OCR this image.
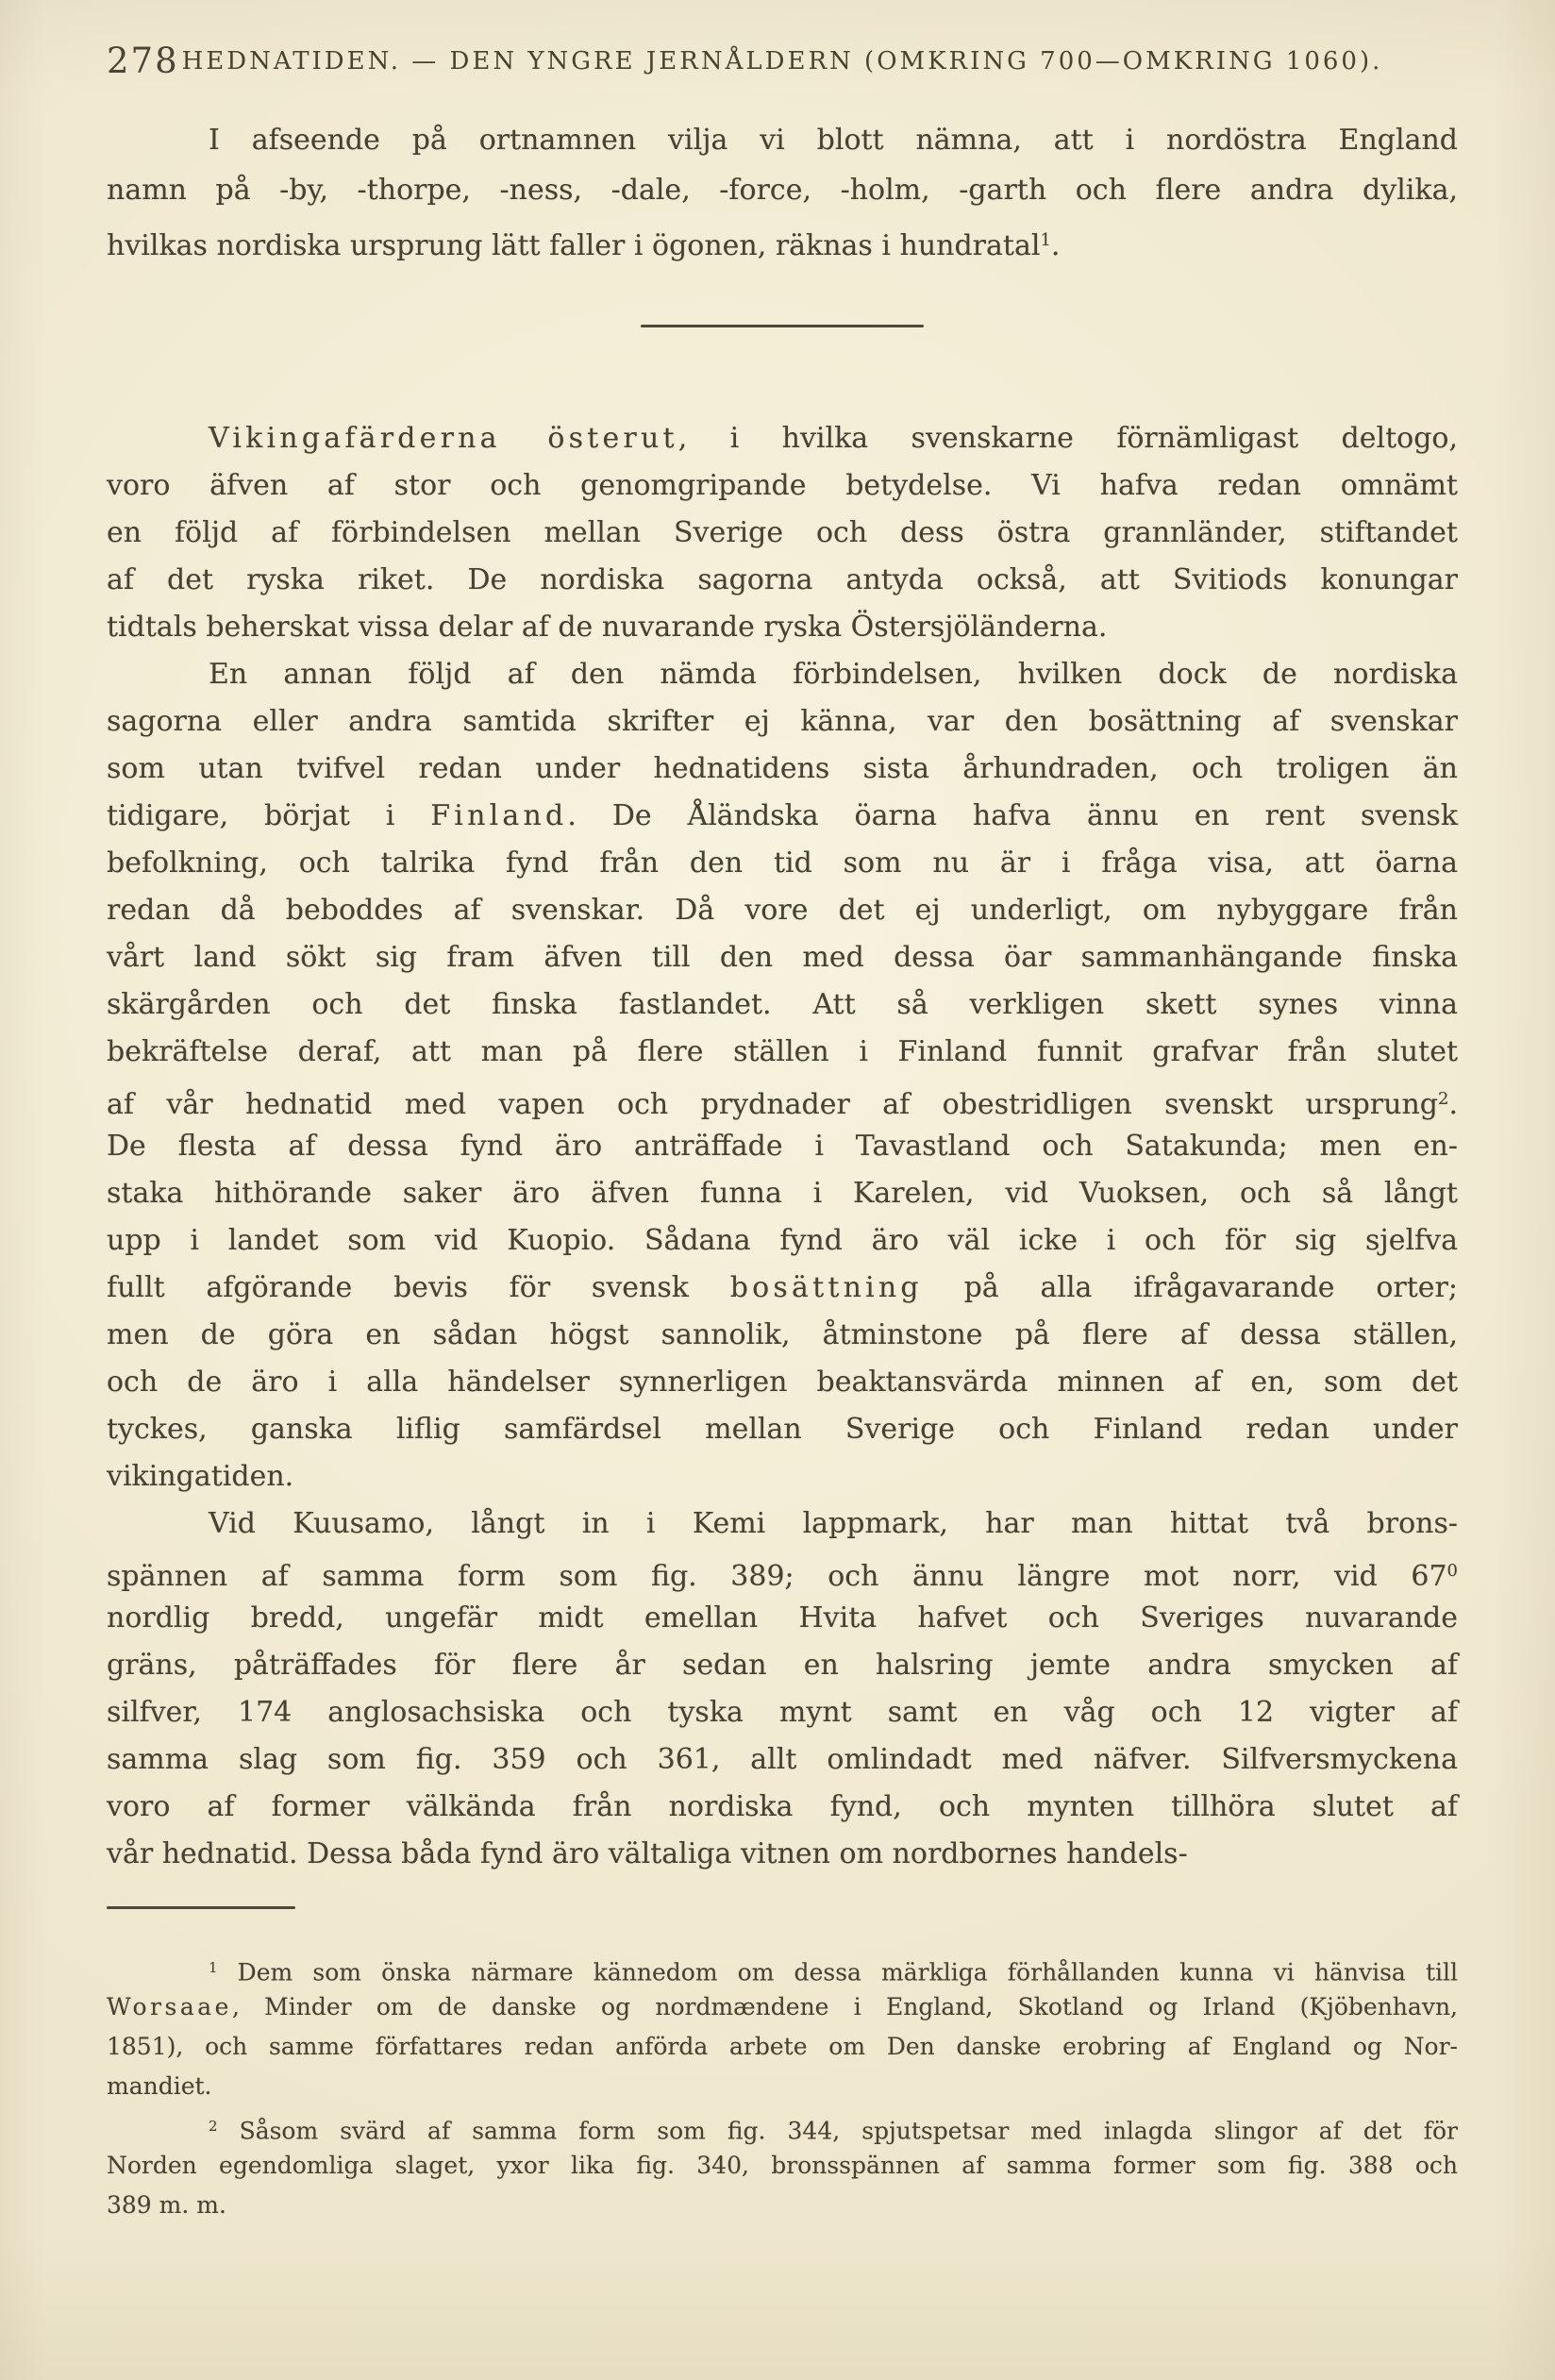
278 HEDNATIDEN. — DEN YNGRE JERNÅLDERN (OMKRING 700—OMKRING 1060).
I afseende på ortnamnen vilja vi blott nämna, att i nordöstra England
namn på -by, -thorpe, -ness, -dale, -force, -holm, -garth och flere andra dylika,
hvilkas nordiska ursprung lätt faller i ögonen, räknas i hundratal$^1$.
Vikingafärderna österut, i hvilka svenskarne förnämligast deltogo,
voro äfven af stor och genomgripande betydelse. Vi hafva redan omnämt
en följd af förbindelsen mellan Sverige och dess östra grannländer, stiftandet
af det ryska riket. De nordiska sagorna antyda också, att Svitiods konungar
tidtals beherskat vissa delar af de nuvarande ryska Östersjöländerna.
En annan följd af den nämda förbindelsen, hvilken dock de nordiska
sagorna eller andra samtida skrifter ej känna, var den bosättning af svenskar
som utan tvifvel redan under hednatidens sista århundraden, och troligen än
tidigare, börjat i Finland. De Åländska öarna hafva ännu en rent svensk
befolkning, och talrika fynd från den tid som nu är i fråga visa, att öarna
redan då beboddes af svenskar. Då vore det ej underligt, om nybyggare från
vårt land sökt sig fram äfven till den med dessa öar sammanhängande finska
skärgården och det finska fastlandet. Att så verkligen skett synes vinna
bekräftelse deraf, att man på flere ställen i Finland funnit grafvar från slutet
af vår hednatid med vapen och prydnader af obestridligen svenskt ursprung$^2$.
De flesta af dessa fynd äro anträffade i Tavastland och Satakunda; men en-
staka hithörande saker äro äfven funna i Karelen, vid Vuoksen, och så långt
upp i landet som vid Kuopio. Sådana fynd äro väl icke i och för sig sjelfva
fullt afgörande bevis för svensk bosättning på alla ifrågavarande orter;
men de göra en sådan högst sannolik, åtminstone på flere af dessa ställen,
och de äro i alla händelser synnerligen beaktansvärda minnen af en, som det
tyckes, ganska liflig samfärdsel mellan Sverige och Finland redan under
vikingatiden.
Vid Kuusamo, långt in i Kemi lappmark, har man hittat två brons-
spännen af samma form som fig. 389; och ännu längre mot norr, vid $67^0$
nordlig bredd, ungefär midt emellan Hvita hafvet och Sveriges nuvarande
gräns, påträffades för flere år sedan en halsring jemte andra smycken af
silfver, 174 anglosachsiska och tyska mynt samt en våg och 12 vigter af
samma slag som fig. 359 och 361, allt omlindadt med näfver. Silfversmyckena
voro af former välkända från nordiska fynd, och mynten tillhöra slutet af
vår hednatid. Dessa båda fynd äro vältaliga vitnen om nordbornes handels-
$^1$ Dem som önska närmare kännedom om dessa märkliga förhållanden kunna vi hänvisa till
Worsaae, Minder om de danske og nordmændene i England, Skotland og Irland (Kjöbenhavn,
1851), och samme författares redan anförda arbete om Den danske erobring af England og Nor-
mandiet.
$^2$ Såsom svärd af samma form som fig. 344, spjutspetsar med inlagda slingor af det för
Norden egendomliga slaget, yxor lika fig. 340, bronsspännen af samma former som fig. 388 och
389 m. m.
